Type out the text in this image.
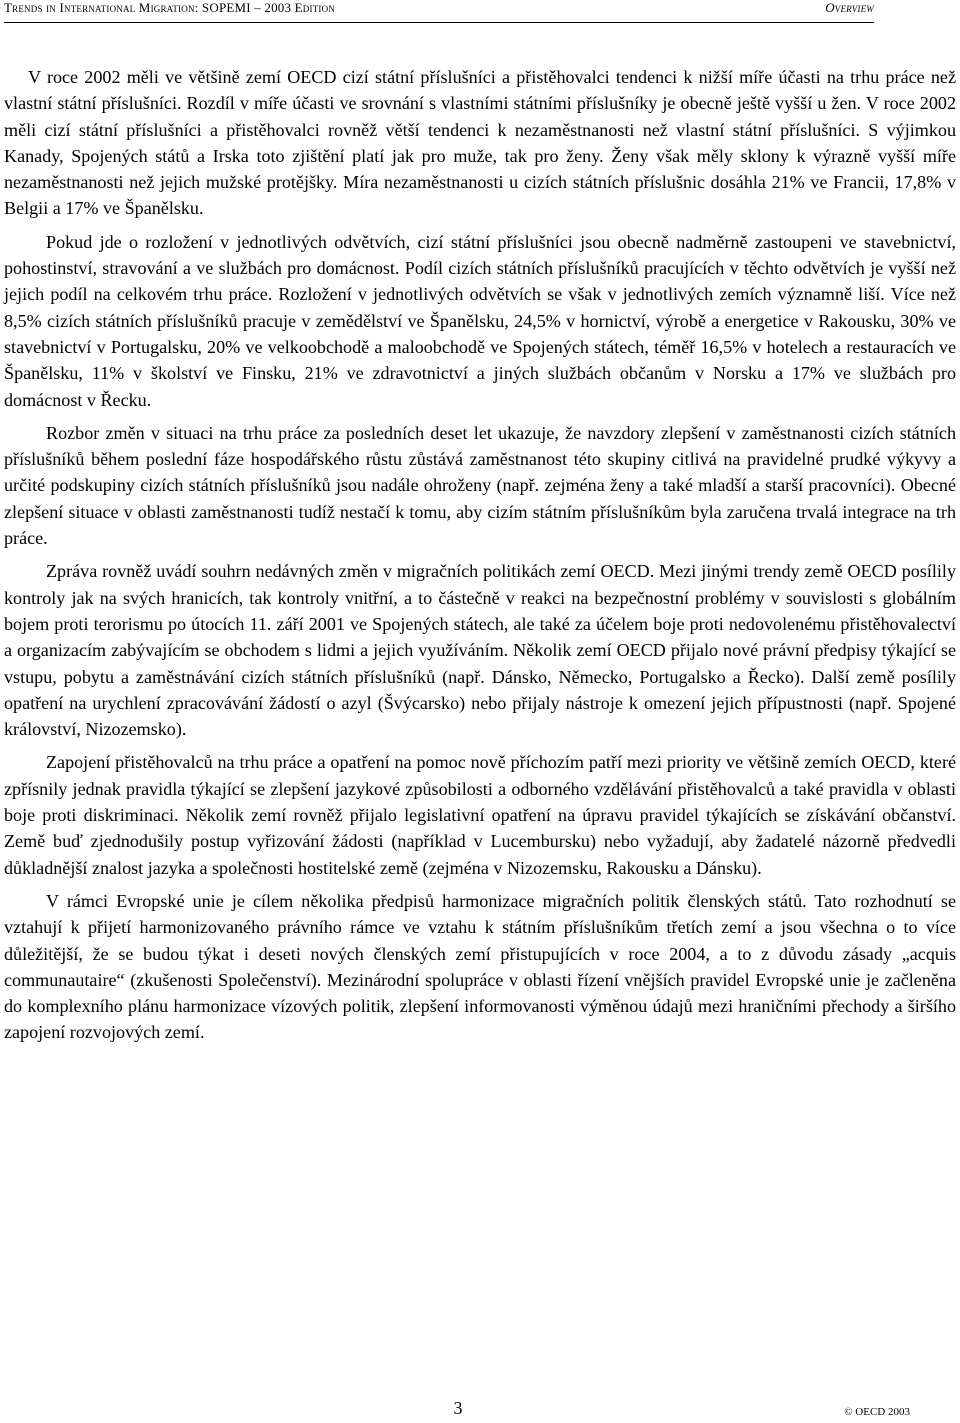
Trends in International Migration: SOPEMI – 2003 Edition	Overview

V roce 2002 měli ve většině zemí OECD cizí státní příslušníci a přistěhovalci tendenci k nižší míře účasti na trhu práce než vlastní státní příslušníci. Rozdíl v míře účasti ve srovnání s vlastními státními příslušníky je obecně ještě vyšší u žen. V roce 2002 měli cizí státní příslušníci a přistěhovalci rovněž větší tendenci k nezaměstnanosti než vlastní státní příslušníci. S výjimkou Kanady, Spojených států a Irska toto zjištění platí jak pro muže, tak pro ženy. Ženy však měly sklony k výrazně vyšší míře nezaměstnanosti než jejich mužské protějšky. Míra nezaměstnanosti u cizích státních příslušnic dosáhla 21% ve Francii, 17,8% v Belgii a 17% ve Španělsku.

Pokud jde o rozložení v jednotlivých odvětvích, cizí státní příslušníci jsou obecně nadměrně zastoupeni ve stavebnictví, pohostinství, stravování a ve službách pro domácnost. Podíl cizích státních příslušníků pracujících v těchto odvětvích je vyšší než jejich podíl na celkovém trhu práce. Rozložení v jednotlivých odvětvích se však v jednotlivých zemích významně liší. Více než 8,5% cizích státních příslušníků pracuje v zemědělství ve Španělsku, 24,5% v hornictví, výrobě a energetice v Rakousku, 30% ve stavebnictví v Portugalsku, 20% ve velkoobchodě a maloobchodě ve Spojených státech, téměř 16,5% v hotelech a restauracích ve Španělsku, 11% v školství ve Finsku, 21% ve zdravotnictví a jiných službách občanům v Norsku a 17% ve službách pro domácnost v Řecku.

Rozbor změn v situaci na trhu práce za posledních deset let ukazuje, že navzdory zlepšení v zaměstnanosti cizích státních příslušníků během poslední fáze hospodářského růstu zůstává zaměstnanost této skupiny citlivá na pravidelné prudké výkyvy a určité podskupiny cizích státních příslušníků jsou nadále ohroženy (např. zejména ženy a také mladší a starší pracovníci). Obecné zlepšení situace v oblasti zaměstnanosti tudíž nestačí k tomu, aby cizím státním příslušníkům byla zaručena trvalá integrace na trh práce.

Zpráva rovněž uvádí souhrn nedávných změn v migračních politikách zemí OECD. Mezi jinými trendy země OECD posílily kontroly jak na svých hranicích, tak kontroly vnitřní, a to částečně v reakci na bezpečnostní problémy v souvislosti s globálním bojem proti terorismu po útocích 11. září 2001 ve Spojených státech, ale také za účelem boje proti nedovolenému přistěhovalectví a organizacím zabývajícím se obchodem s lidmi a jejich využíváním. Několik zemí OECD přijalo nové právní předpisy týkající se vstupu, pobytu a zaměstnávání cizích státních příslušníků (např. Dánsko, Německo, Portugalsko a Řecko). Další země posílily opatření na urychlení zpracovávání žádostí o azyl (Švýcarsko) nebo přijaly nástroje k omezení jejich přípustnosti (např. Spojené království, Nizozemsko).

Zapojení přistěhovalců na trhu práce a opatření na pomoc nově příchozím patří mezi priority ve většině zemích OECD, které zpřísnily jednak pravidla týkající se zlepšení jazykové způsobilosti a odborného vzdělávání přistěhovalců a také pravidla v oblasti boje proti diskriminaci. Několik zemí rovněž přijalo legislativní opatření na úpravu pravidel týkajících se získávání občanství. Země buď zjednodušily postup vyřizování žádosti (například v Lucembursku) nebo vyžadují, aby žadatelé názorně předvedli důkladnější znalost jazyka a společnosti hostitelské země (zejména v Nizozemsku, Rakousku a Dánsku).

V rámci Evropské unie je cílem několika předpisů harmonizace migračních politik členských států. Tato rozhodnutí se vztahují k přijetí harmonizovaného právního rámce ve vztahu k státním příslušníkům třetích zemí a jsou všechna o to více důležitější, že se budou týkat i deseti nových členských zemí přistupujících v roce 2004, a to z důvodu zásady „acquis communautaire“ (zkušenosti Společenství). Mezinárodní spolupráce v oblasti řízení vnějších pravidel Evropské unie je začleněna do komplexního plánu harmonizace vízových politik, zlepšení informovanosti výměnou údajů mezi hraničními přechody a širšího zapojení rozvojových zemí.

3	© OECD 2003
